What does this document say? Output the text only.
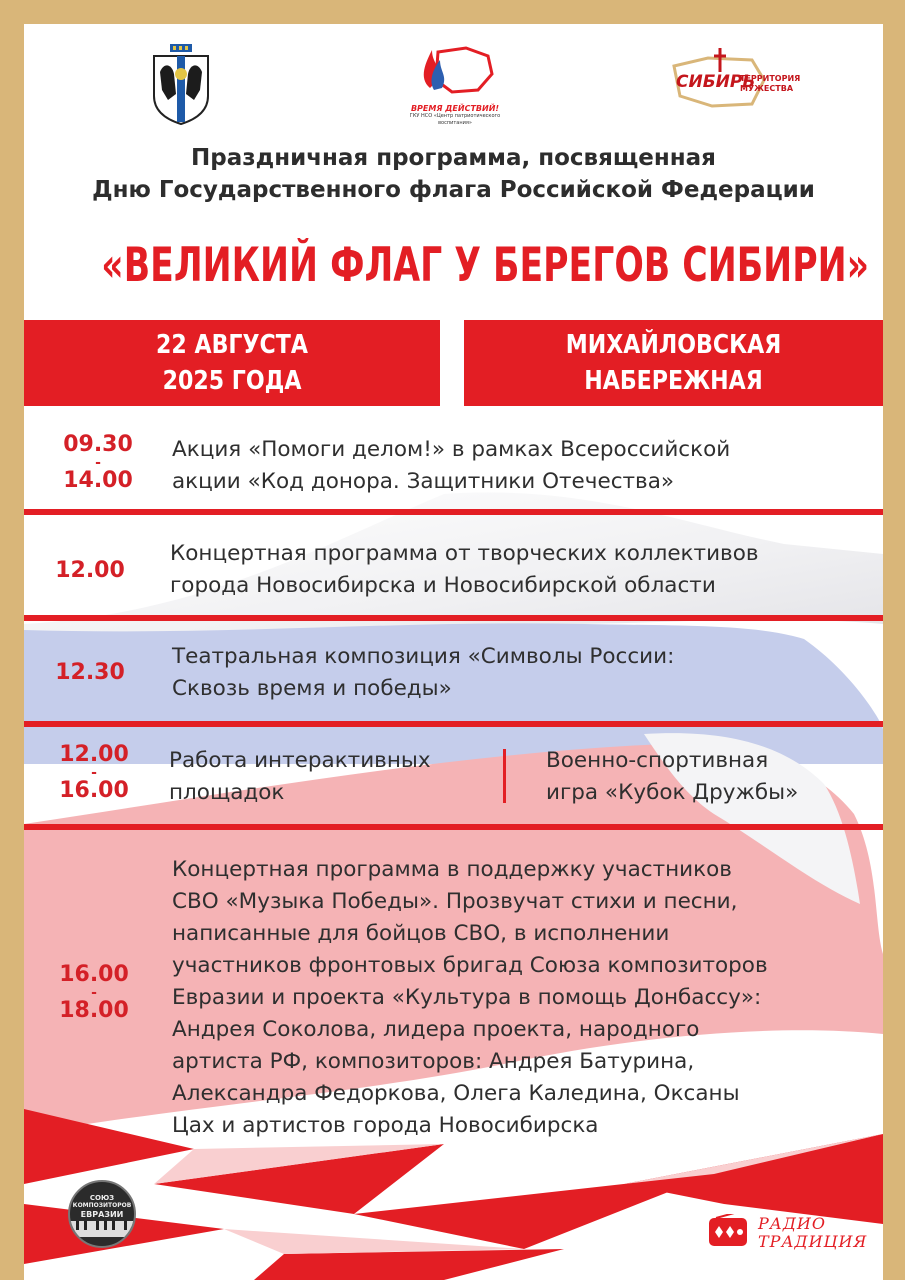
ВРЕМЯ ДЕЙСТВИЙ!
ГКУ НСО «Центр патриотического воспитания»
СИБИРЬ
ТЕРРИТОРИЯ
МУЖЕСТВА
Праздничная программа, посвященная
Дню Государственного флага Российской Федерации
«ВЕЛИКИЙ ФЛАГ У БЕРЕГОВ СИБИРИ»
22 АВГУСТА
2025 ГОДА
МИХАЙЛОВСКАЯ
НАБЕРЕЖНАЯ
09.30
-
14.00
Акция «Помоги делом!» в рамках Всероссийской
акции «Код донора. Защитники Отечества»
12.00
Концертная программа от творческих коллективов
города Новосибирска и Новосибирской области
12.30
Театральная композиция «Символы России:
Сквозь время и победы»
12.00
-
16.00
Работа интерактивных
площадок
Военно-спортивная
игра «Кубок Дружбы»
16.00
-
18.00
Концертная программа в поддержку участников
СВО «Музыка Победы». Прозвучат стихи и песни,
написанные для бойцов СВО, в исполнении
участников фронтовых бригад Союза композиторов
Евразии и проекта «Культура в помощь Донбассу»:
Андрея Соколова, лидера проекта, народного
артиста РФ, композиторов: Андрея Батурина,
Александра Федоркова, Олега Каледина, Оксаны
Цах и артистов города Новосибирска
СОЮЗ
КОМПОЗИТОРОВ
ЕВРАЗИИ	РАДИО
ТРАДИЦИЯ
